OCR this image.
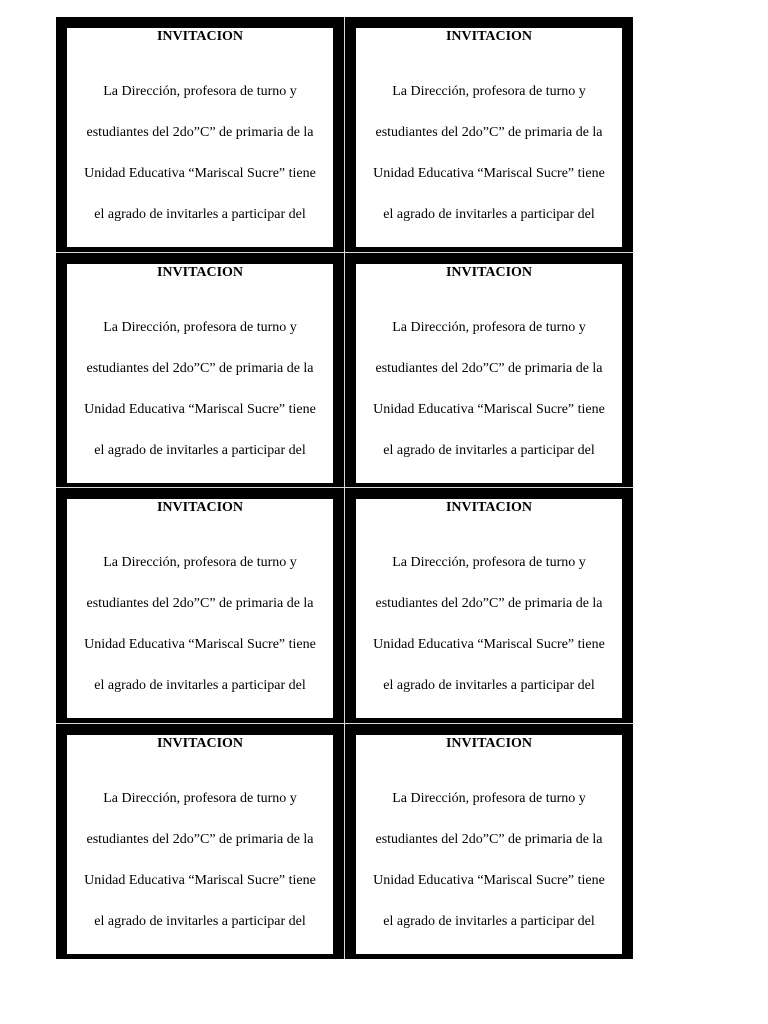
INVITACION

La Dirección, profesora de turno y

estudiantes del 2do”C” de primaria de la

Unidad Educativa “Mariscal Sucre” tiene

el agrado de invitarles a participar del

INVITACION

La Dirección, profesora de turno y

estudiantes del 2do”C” de primaria de la

Unidad Educativa “Mariscal Sucre” tiene

el agrado de invitarles a participar del

INVITACION

La Dirección, profesora de turno y

estudiantes del 2do”C” de primaria de la

Unidad Educativa “Mariscal Sucre” tiene

el agrado de invitarles a participar del

INVITACION

La Dirección, profesora de turno y

estudiantes del 2do”C” de primaria de la

Unidad Educativa “Mariscal Sucre” tiene

el agrado de invitarles a participar del

INVITACION

La Dirección, profesora de turno y

estudiantes del 2do”C” de primaria de la

Unidad Educativa “Mariscal Sucre” tiene

el agrado de invitarles a participar del

INVITACION

La Dirección, profesora de turno y

estudiantes del 2do”C” de primaria de la

Unidad Educativa “Mariscal Sucre” tiene

el agrado de invitarles a participar del

INVITACION

La Dirección, profesora de turno y

estudiantes del 2do”C” de primaria de la

Unidad Educativa “Mariscal Sucre” tiene

el agrado de invitarles a participar del

INVITACION

La Dirección, profesora de turno y

estudiantes del 2do”C” de primaria de la

Unidad Educativa “Mariscal Sucre” tiene

el agrado de invitarles a participar del
